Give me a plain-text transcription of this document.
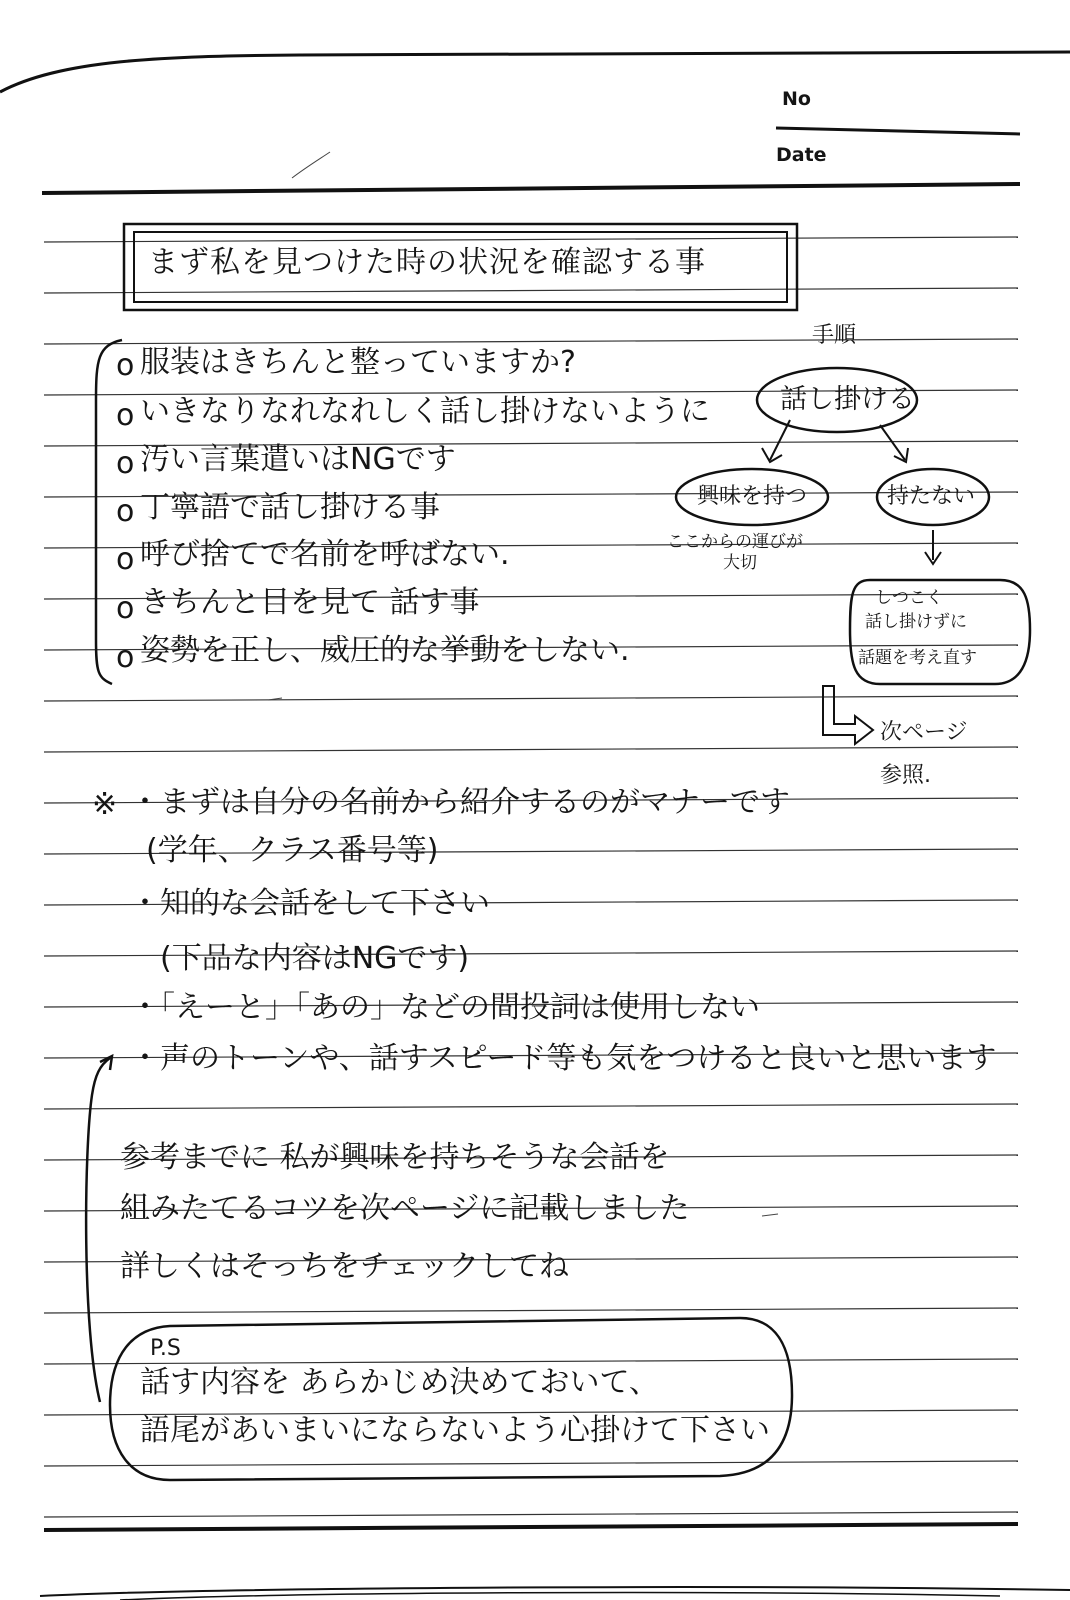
No
Date
まず私を見つけた時の状況を確認する事
o 服装はきちんと整っていますか?
o いきなりなれなれしく話し掛けないように
o 汚い言葉遣いはNGです
o 丁寧語で話し掛ける事
o 呼び捨てで名前を呼ばない.
o きちんと目を見て 話す事
o 姿勢を正し、威圧的な挙動をしない.
手順
話し掛ける
興味を持つ
ここからの運びが
大切
持たない
しつこく
話し掛けずに
話題を考え直す
次ページ
参照.
※ ・まずは自分の名前から紹介するのがマナーです
(学年、クラス番号等)
・知的な会話をして下さい
(下品な内容はNGです)
・「えーと」「あの」などの間投詞は使用しない
・声のトーンや、話すスピード等も気をつけると良いと思います
参考までに 私が興味を持ちそうな会話を
組みたてるコツを次ページに記載しました
詳しくはそっちをチェックしてね
P.S
話す内容を あらかじめ決めておいて、
語尾があいまいにならないよう心掛けて下さい
